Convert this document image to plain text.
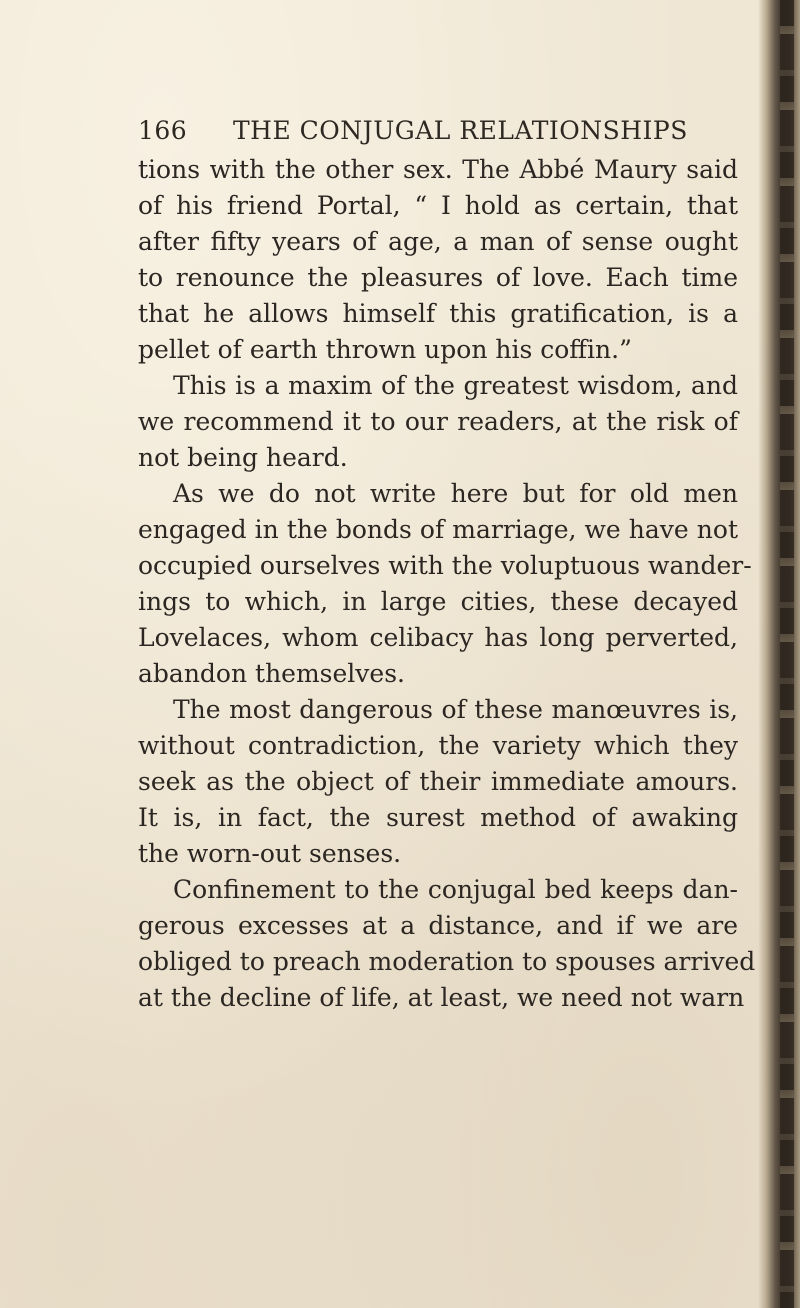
166 THE CONJUGAL RELATIONSHIPS
tions with the other sex. The Abbé Maury said
of his friend Portal, “ I hold as certain, that
after fifty years of age, a man of sense ought
to renounce the pleasures of love. Each time
that he allows himself this gratification, is a
pellet of earth thrown upon his coffin.”
This is a maxim of the greatest wisdom, and
we recommend it to our readers, at the risk of
not being heard.
As we do not write here but for old men
engaged in the bonds of marriage, we have not
occupied ourselves with the voluptuous wander-
ings to which, in large cities, these decayed
Lovelaces, whom celibacy has long perverted,
abandon themselves.
The most dangerous of these manœuvres is,
without contradiction, the variety which they
seek as the object of their immediate amours.
It is, in fact, the surest method of awaking
the worn-out senses.
Confinement to the conjugal bed keeps dan-
gerous excesses at a distance, and if we are
obliged to preach moderation to spouses arrived
at the decline of life, at least, we need not warn
